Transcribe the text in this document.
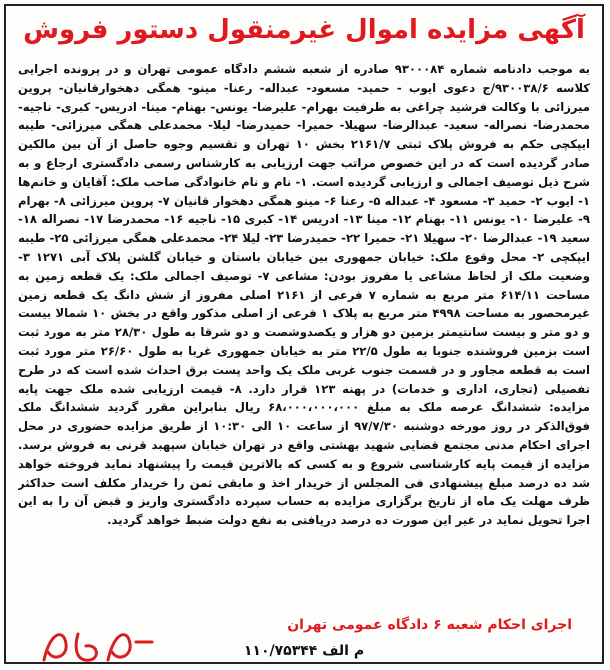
آگهی مزایده اموال غیرمنقول دستور فروش
به موجب دادنامه شماره ۹۳۰۰۰۸۴ صادره از شعبه ششم دادگاه عمومی تهران و در پرونده اجرایی کلاسه ۹۳۰۰۳۸/۶/ج دعوی ایوب - حمید- مسعود- عبداله- رعنا- مینو- همگی دهخوارقانیان- پروین میرزائی با وکالت فرشید چراغی به طرفیت بهرام- علیرضا- یونس- بهنام- مینا- ادریس- کبری- ناجیه- محمدرضا- نصراله- سعید- عبدالرضا- سهیلا- حمیرا- حمیدرضا- لیلا- محمدعلی همگی میرزائی- طیبه ایپکچی حکم به فروش پلاک ثبتی ۲۱۶۱/۷ بخش ۱۰ تهران و تقسیم وجوه حاصل از آن بین مالکین صادر گردیده است که در این خصوص مراتب جهت ارزیابی به کارشناس رسمی دادگستری ارجاع و به شرح ذیل توصیف اجمالی و ارزیابی گردیده است. ۱- نام و نام خانوادگی صاحب ملک: آقایان و خانم‌ها ۱- ایوب ۲- حمید ۳- مسعود ۴- عبداله ۵- رعنا ۶- مینو همگی دهخوار قانیان ۷- پروین میرزائی ۸- بهرام ۹- علیرضا ۱۰- یونس ۱۱- بهنام ۱۲- مینا ۱۳- ادریس ۱۴- کبری ۱۵- ناجیه ۱۶- محمدرضا ۱۷- نصراله ۱۸- سعید ۱۹- عبدالرضا ۲۰- سهیلا ۲۱- حمیرا ۲۲- حمیدرضا ۲۳- لیلا ۲۴- محمدعلی همگی میرزائی ۲۵- طیبه ایپکچی ۲- محل وقوع ملک: خیابان جمهوری بین خیابان باستان و خیابان گلشن پلاک آبی ۱۲۷۱ ۳- وضعیت ملک از لحاظ مشاعی یا مفروز بودن: مشاعی ۷- توصیف اجمالی ملک: یک قطعه زمین به مساحت ۶۱۴/۱۱ متر مربع به شماره ۷ فرعی از ۲۱۶۱ اصلی مفروز از شش دانگ یک قطعه زمین غیرمحصور به مساحت ۴۹۹۸ متر مربع به پلاک ۱ فرعی از اصلی مذکور واقع در بخش ۱۰ شمالا بیست و دو متر و بیست سانتیمتر بزمین دو هزار و یکصدوشصت و دو شرقا به طول ۲۸/۳۰ متر به مورد ثبت است بزمین فروشنده جنوبا به طول ۲۲/۵ متر به خیابان جمهوری غربا به طول ۲۶/۶۰ متر مورد ثبت است به قطعه مجاور و در قسمت جنوب غربی ملک یک واحد پست برق احداث شده است که در طرح تفصیلی (تجاری، اداری و خدمات) در پهنه ۱۲۳ قرار دارد. ۸- قیمت ارزیابی شده ملک جهت پایه مزایده: ششدانگ عرصه ملک به مبلغ ۶۸،۰۰۰،۰۰۰،۰۰۰ ریال بنابراین مقرر گردید ششدانگ ملک فوق‌الذکر در روز مورخه دوشنبه ۹۷/۷/۳۰ از ساعت ۱۰ الی ۱۰:۳۰ از طریق مزایده حضوری در محل اجرای احکام مدنی مجتمع قضایی شهید بهشتی واقع در تهران خیابان سپهبد قرنی به فروش برسد. مزایده از قیمت پایه کارشناسی شروع و به کسی که بالاترین قیمت را پیشنهاد نماید فروخته خواهد شد ده درصد مبلغ پیشنهادی فی المجلس از خریدار اخذ و مابقی ثمن را خریدار مکلف است حداکثر ظرف مهلت یک ماه از تاریخ برگزاری مزایده به حساب سپرده دادگستری واریز و قبض آن را به این اجرا تحویل نماید در غیر این صورت ده درصد دریافتی به نفع دولت ضبط خواهد گردید.
اجرای احکام شعبه ۶ دادگاه عمومی تهران
م الف ۱۱۰/۷۵۳۴۴
